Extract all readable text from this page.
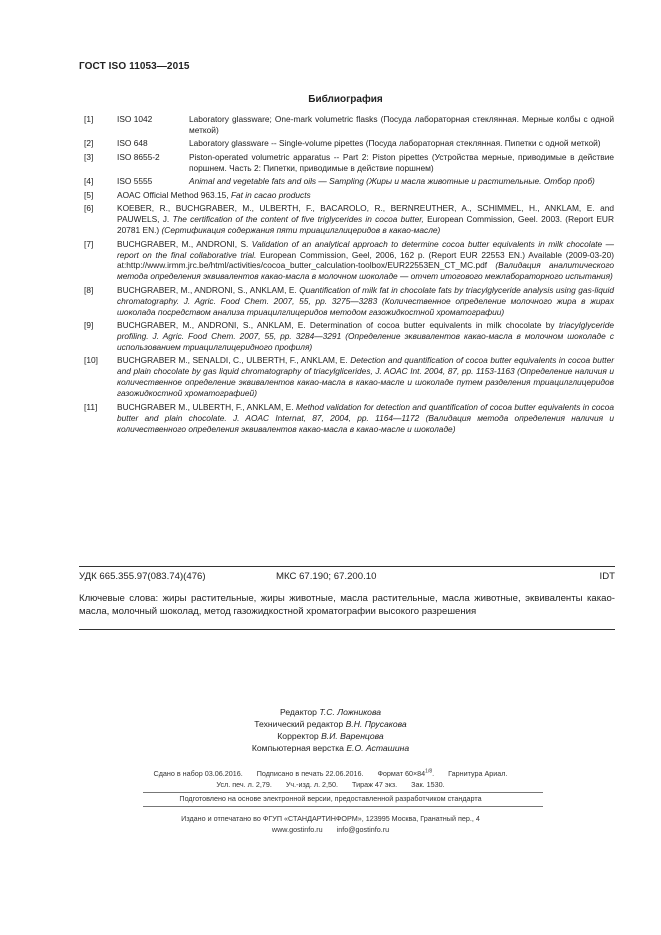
ГОСТ ISO 11053—2015
Библиография
[1]	ISO 1042	Laboratory glassware; One-mark volumetric flasks (Посуда лабораторная стеклянная. Мерные колбы с одной меткой)
[2]	ISO 648	Laboratory glassware -- Single-volume pipettes (Посуда лабораторная стеклянная. Пипетки с одной меткой)
[3]	ISO 8655-2	Piston-operated volumetric apparatus -- Part 2: Piston pipettes (Устройства мерные, приводимые в действие поршнем. Часть 2: Пипетки, приводимые в действие поршнем)
[4]	ISO 5555	Animal and vegetable fats and oils — Sampling (Жиры и масла животные и растительные. Отбор проб)
[5]	AOAC Official Method 963.15, Fat in cacao products
[6]	KOEBER, R., BUCHGRABER, M., ULBERTH, F., BACAROLO, R., BERNREUTHER, A., SCHIMMEL, H., ANKLAM, E. and PAUWELS, J. The certification of the content of five triglycerides in cocoa butter, European Commission, Geel. 2003. (Report EUR 20781 EN.) (Сертификация содержания пяти триацилглицеридов в какао-масле)
[7]	BUCHGRABER, M., ANDRONI, S. Validation of an analytical approach to determine cocoa butter equivalents in milk chocolate — report on the final collaborative trial. European Commission, Geel, 2006, 162 p. (Report EUR 22553 EN.) Available (2009-03-20) at:http://www.irmm.jrc.be/html/activities/cocoa_butter_calculation-toolbox/EUR22553EN_CT_MC.pdf (Валидация аналитического метода определения эквивалентов какао-масла в молочном шоколаде — отчет итогового межлабораторного испытания)
[8]	BUCHGRABER, M., ANDRONI, S., ANKLAM, E. Quantification of milk fat in chocolate fats by triacylglyceride analysis using gas-liquid chromatography. J. Agric. Food Chem. 2007, 55, pp. 3275—3283 (Количественное определение молочного жира в жирах шоколада посредством анализа триацилглицеридов методом газожидкостной хроматографии)
[9]	BUCHGRABER, M., ANDRONI, S., ANKLAM, E. Determination of cocoa butter equivalents in milk chocolate by triacylglyceride profiling. J. Agric. Food Chem. 2007, 55, pp. 3284—3291 (Определение эквивалентов какао-масла в молочном шоколаде с использованием триацилглицеридного профиля)
[10] BUCHGRABER M., SENALDI, C., ULBERTH, F., ANKLAM, E. Detection and quantification of cocoa butter equivalents in cocoa butter and plain chocolate by gas liquid chromatography of triacylglicerides, J. AOAC Int. 2004, 87, pp. 1153-1163 (Определение наличия и количественное определение эквивалентов какао-масла в какао-масле и шоколаде путем разделения триацилглицеридов газожидкостной хроматографией)
[11] BUCHGRABER M., ULBERTH, F., ANKLAM, E. Method validation for detection and quantification of cocoa butter equivalents in cocoa butter and plain chocolate. J. AOAC Internat, 87, 2004, pp. 1164—1172 (Валидация метода определения наличия и количественного определения эквивалентов какао-масла в какао-масле и шоколаде)
УДК 665.355.97(083.74)(476)	МКС 67.190; 67.200.10	IDT
Ключевые слова: жиры растительные, жиры животные, масла растительные, масла животные, эквиваленты какао-масла, молочный шоколад, метод газожидкостной хроматографии высокого разрешения
Редактор Т.С. Ложникова
Технический редактор В.Н. Прусакова
Корректор В.И. Варенцова
Компьютерная верстка Е.О. Асташина
Сдано в набор 03.06.2016. Подписано в печать 22.06.2016. Формат $60\times 84^{1/8}$. Гарнитура Ариал.
Усл. печ. л. 2,79. Уч.-изд. л. 2,50. Тираж 47 экз. Зак. 1530.
Подготовлено на основе электронной версии, предоставленной разработчиком стандарта
Издано и отпечатано во ФГУП «СТАНДАРТИНФОРМ», 123995 Москва, Гранатный пер., 4
www.gostinfo.ru info@gostinfo.ru
